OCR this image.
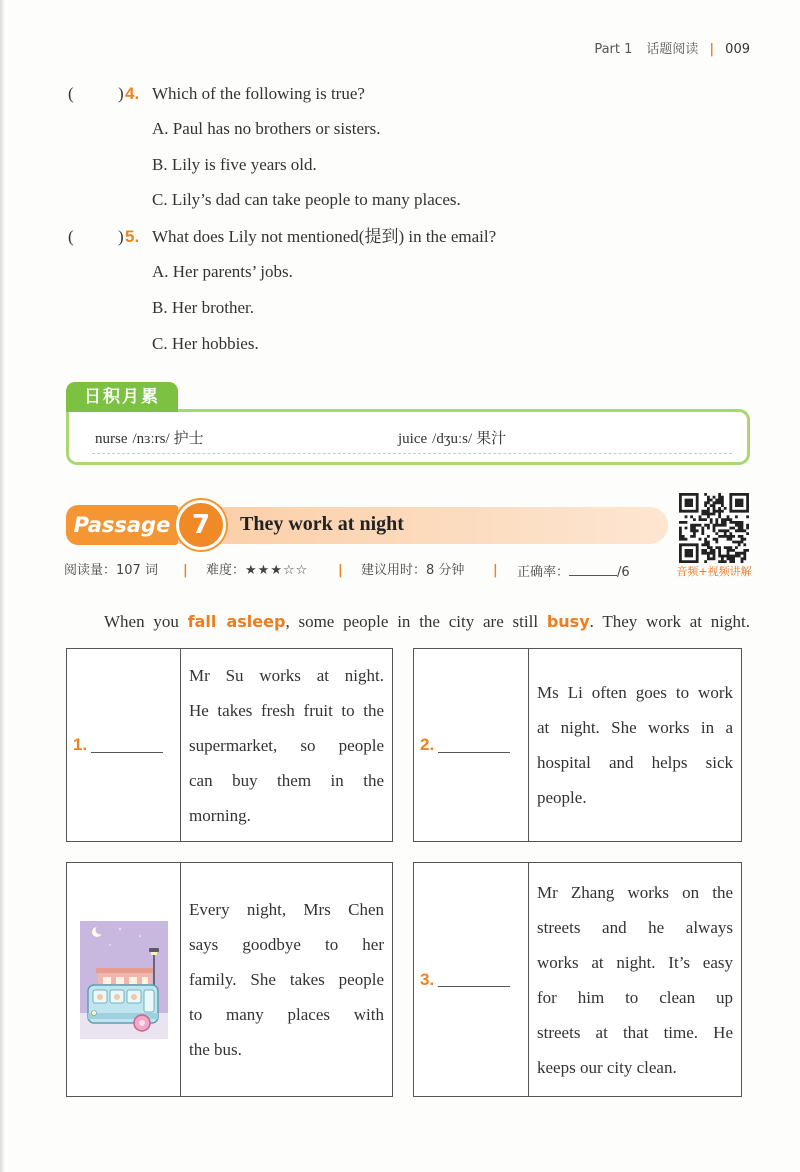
Part 1 话题阅读 | 009
(	) 4. Which of the following is true?
A. Paul has no brothers or sisters.
B. Lily is five years old.
C. Lily’s dad can take people to many places.
(	) 5. What does Lily not mentioned(提到) in the email?
A. Her parents’ jobs.
B. Her brother.
C. Her hobbies.
日积月累
nurse /nɜːrs/ 护士	juice /dʒuːs/ 果汁
Passage 7	They work at night
音频+视频讲解
阅读量：107 词 | 难度：★★★☆☆ | 建议用时：8 分钟 | 正确率：	/6
When you fall asleep, some people in the city are still busy. They work at night.
1.
Mr Su works at night.
He takes fresh fruit to the
supermarket, so people
can buy them in the
morning.
2.
Ms Li often goes to work
at night. She works in a
hospital and helps sick
people.
Every night, Mrs Chen
says goodbye to her
family. She takes people
to many places with
the bus.
3.
Mr Zhang works on the
streets and he always
works at night. It’s easy
for him to clean up
streets at that time. He
keeps our city clean.
